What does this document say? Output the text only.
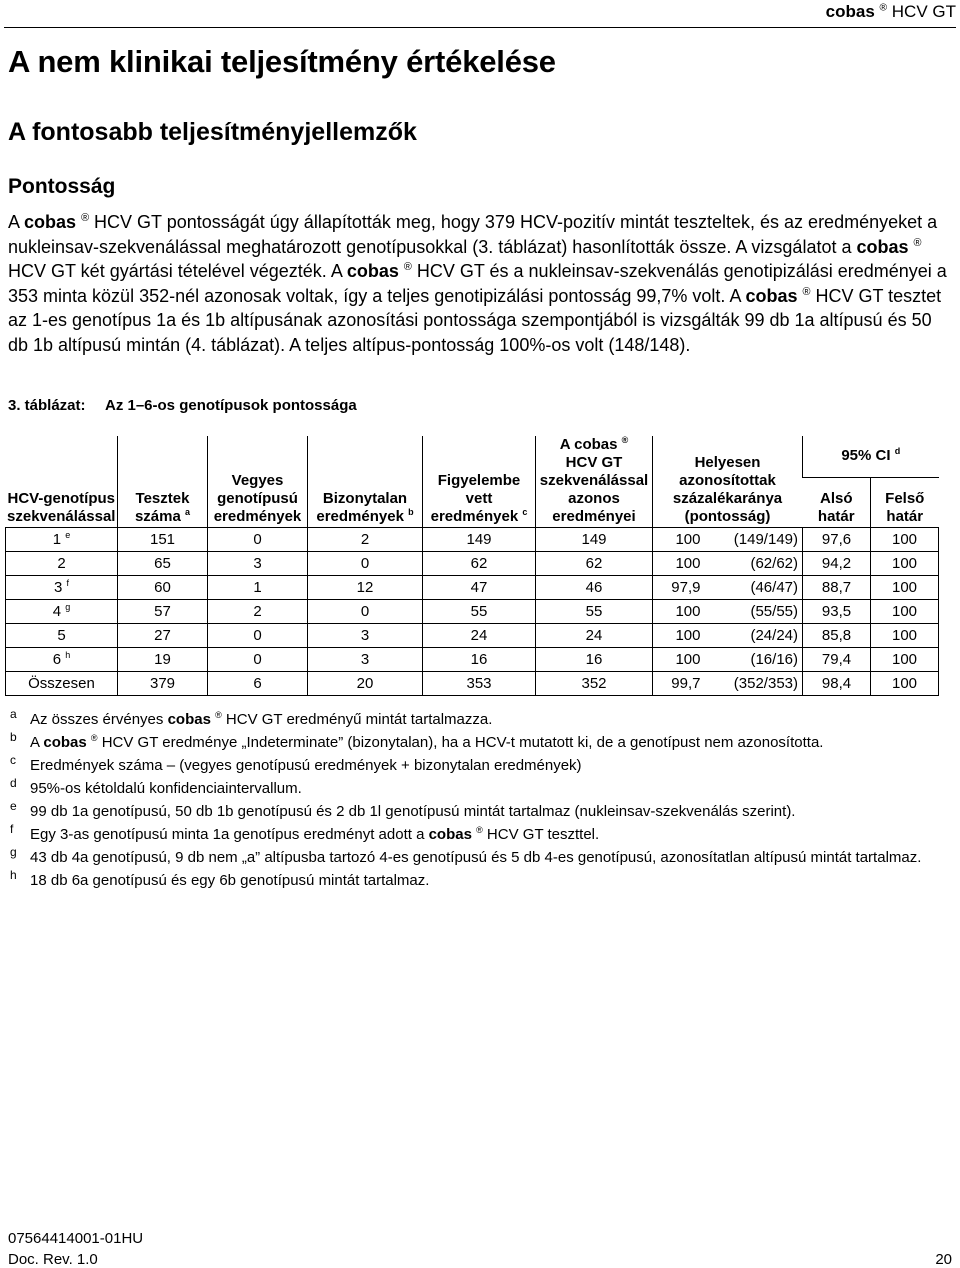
cobas ® HCV GT
A nem klinikai teljesítmény értékelése
A fontosabb teljesítményjellemzők
Pontosság
A cobas ® HCV GT pontosságát úgy állapították meg, hogy 379 HCV-pozitív mintát teszteltek, és az eredményeket a nukleinsav-szekvenálással meghatározott genotípusokkal (3. táblázat) hasonlították össze. A vizsgálatot a cobas ® HCV GT két gyártási tételével végezték. A cobas ® HCV GT és a nukleinsav-szekvenálás genotipizálási eredményei a 353 minta közül 352-nél azonosak voltak, így a teljes genotipizálási pontosság 99,7% volt. A cobas ® HCV GT tesztet az 1-es genotípus 1a és 1b altípusának azonosítási pontossága szempontjából is vizsgálták 99 db 1a altípusú és 50 db 1b altípusú mintán (4. táblázat). A teljes altípus-pontosság 100%-os volt (148/148).
3. táblázat: Az 1–6-os genotípusok pontossága
HCV-genotípus szekvenálással	Tesztek száma $^a$	Vegyes genotípusú eredmények	Bizonytalan eredmények $^b$	Figyelembe vett eredmények $^c$	A cobas ®
HCV GT szekvenálással azonos eredményei	Helyesen azonosítottak százalékaránya (pontosság)		95% CI $^d$
								Alsó határ	Felső határ
1 $^e$	151	0	2	149	149	100	(149/149)	97,6	100
2	65	3	0	62	62	100	(62/62)	94,2	100
3 $^f$	60	1	12	47	46	97,9	(46/47)	88,7	100
4 $^g$	57	2	0	55	55	100	(55/55)	93,5	100
5	27	0	3	24	24	100	(24/24)	85,8	100
6 $^h$	19	0	3	16	16	100	(16/16)	79,4	100
Összesen	379	6	20	353	352	99,7	(352/353)	98,4	100
a Az összes érvényes cobas ® HCV GT eredményű mintát tartalmazza.
b A cobas ® HCV GT eredménye „Indeterminate” (bizonytalan), ha a HCV-t mutatott ki, de a genotípust nem azonosította.
c Eredmények száma – (vegyes genotípusú eredmények + bizonytalan eredmények)
d 95%-os kétoldalú konfidenciaintervallum.
e 99 db 1a genotípusú, 50 db 1b genotípusú és 2 db 1l genotípusú mintát tartalmaz (nukleinsav-szekvenálás szerint).
f Egy 3-as genotípusú minta 1a genotípus eredményt adott a cobas ® HCV GT teszttel.
g 43 db 4a genotípusú, 9 db nem „a” altípusba tartozó 4-es genotípusú és 5 db 4-es genotípusú, azonosítatlan altípusú mintát tartalmaz.
h 18 db 6a genotípusú és egy 6b genotípusú mintát tartalmaz.
07564414001-01HU
Doc. Rev. 1.0	20
